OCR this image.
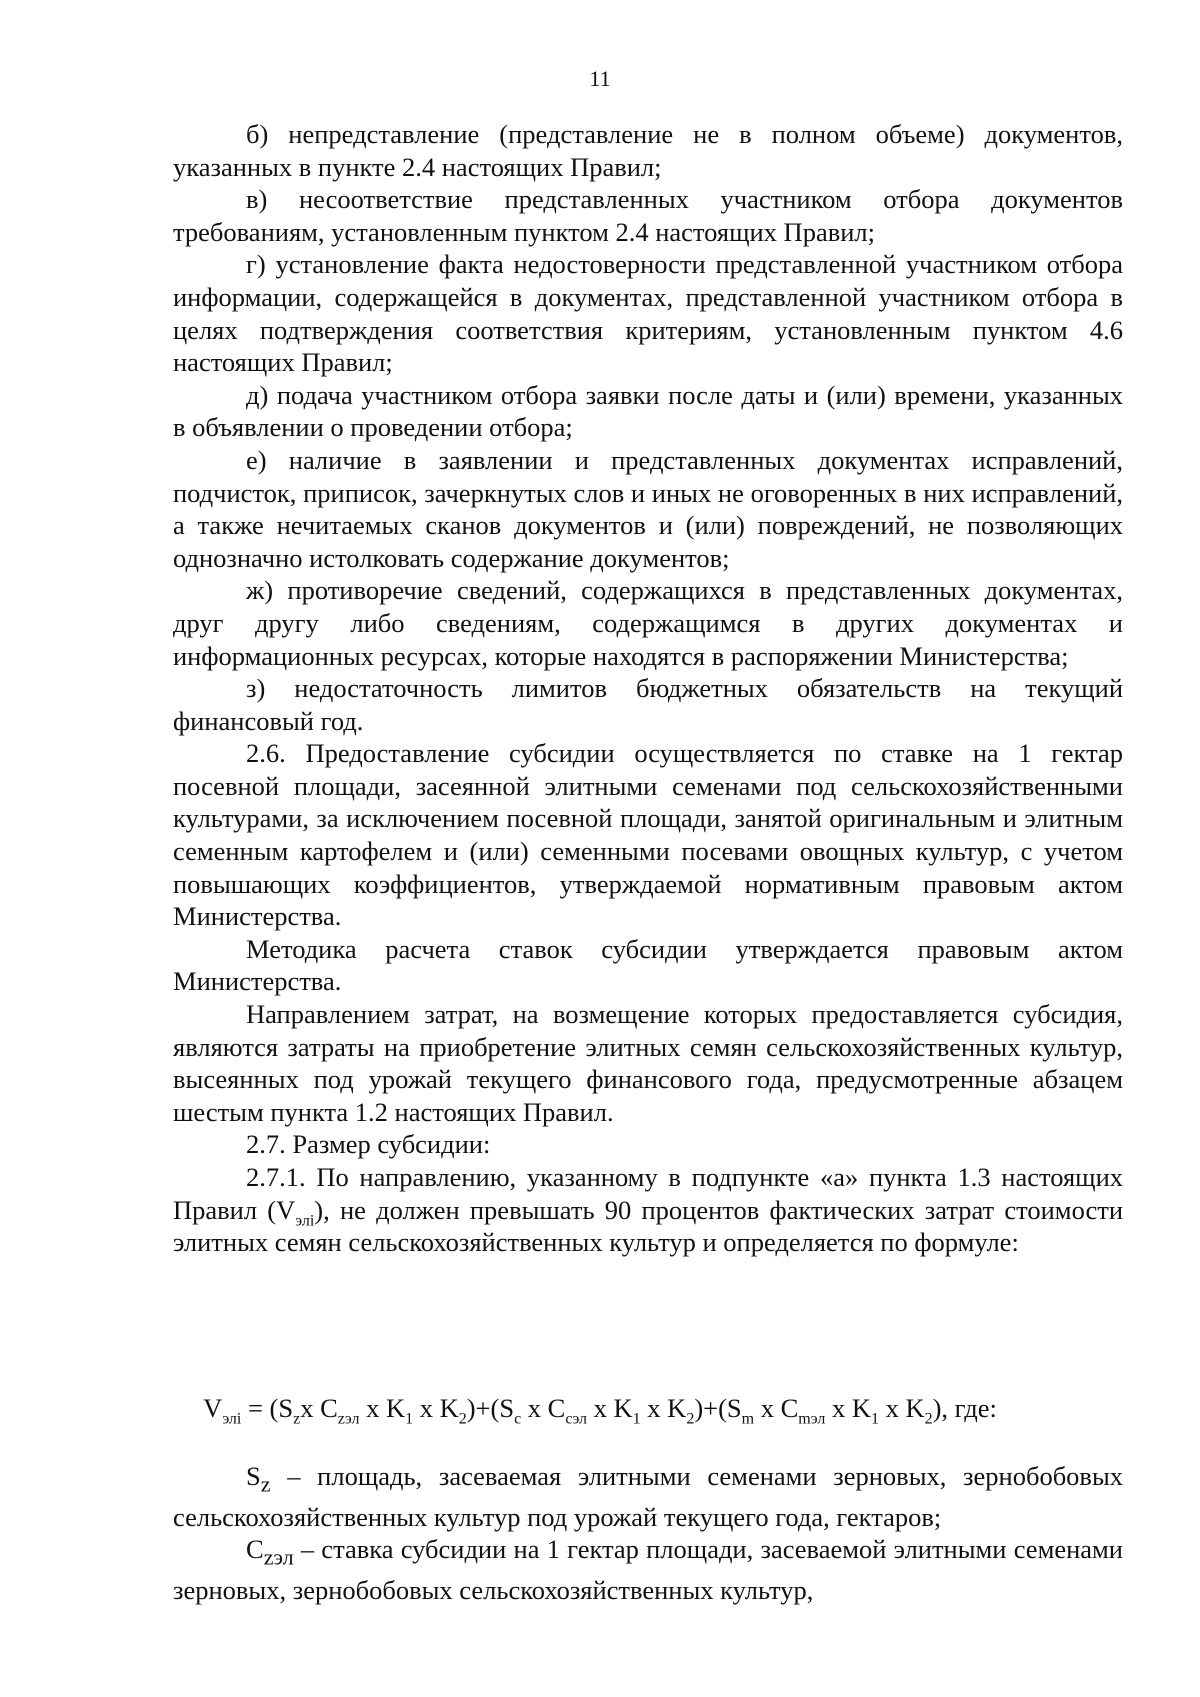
11

б) непредставление (представление не в полном объеме) документов, указанных в пункте 2.4 настоящих Правил;

в) несоответствие представленных участником отбора документов требованиям, установленным пунктом 2.4 настоящих Правил;

г) установление факта недостоверности представленной участником отбора информации, содержащейся в документах, представленной участником отбора в целях подтверждения соответствия критериям, установленным пунктом 4.6 настоящих Правил;

д) подача участником отбора заявки после даты и (или) времени, указанных в объявлении о проведении отбора;

е) наличие в заявлении и представленных документах исправлений, подчисток, приписок, зачеркнутых слов и иных не оговоренных в них исправлений, а также нечитаемых сканов документов и (или) повреждений, не позволяющих однозначно истолковать содержание документов;

ж) противоречие сведений, содержащихся в представленных документах, друг другу либо сведениям, содержащимся в других документах и информационных ресурсах, которые находятся в распоряжении Министерства;

з) недостаточность лимитов бюджетных обязательств на текущий финансовый год.

2.6. Предоставление субсидии осуществляется по ставке на 1 гектар посевной площади, засеянной элитными семенами под сельскохозяйственными культурами, за исключением посевной площади, занятой оригинальным и элитным семенным картофелем и (или) семенными посевами овощных культур, с учетом повышающих коэффициентов, утверждаемой нормативным правовым актом Министерства.

Методика расчета ставок субсидии утверждается правовым актом Министерства.

Направлением затрат, на возмещение которых предоставляется субсидия, являются затраты на приобретение элитных семян сельскохозяйственных культур, высеянных под урожай текущего финансового года, предусмотренные абзацем шестым пункта 1.2 настоящих Правил.

2.7. Размер субсидии:

2.7.1. По направлению, указанному в подпункте «а» пункта 1.3 настоящих Правил $(V_{элi})$, не должен превышать 90 процентов фактических затрат стоимости элитных семян сельскохозяйственных культур и определяется по формуле:

$V_{элi} = (S_zx$ $C_{zэл}$ x $K_1$ x $K_2)+(S_c$ x $C_{cэл}$ x $K_1$ x $K_2)+(S_m$ x $C_{mэл}$ x $K_1$ x $K_2$), где:

$S_z$ – площадь, засеваемая элитными семенами зерновых, зернобобовых сельскохозяйственных культур под урожай текущего года, гектаров;

$C_{zэл}$ – ставка субсидии на 1 гектар площади, засеваемой элитными семенами зерновых, зернобобовых сельскохозяйственных культур,
